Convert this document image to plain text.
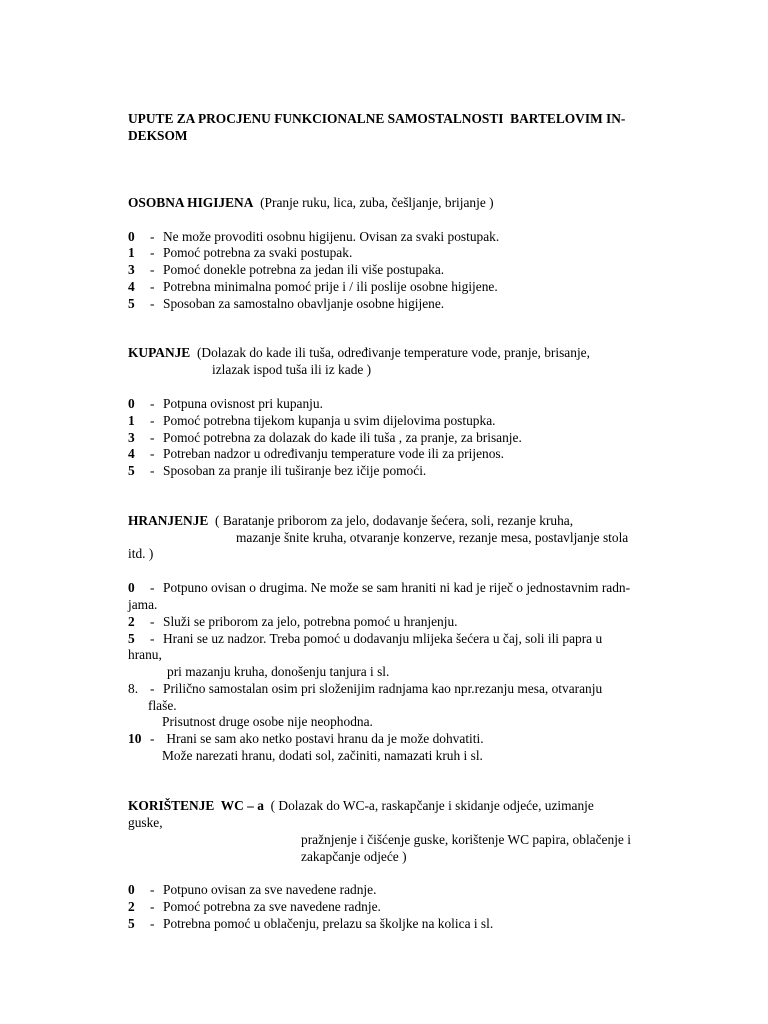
UPUTE ZA PROCJENU FUNKCIONALNE SAMOSTALNOSTI  BARTELOVIM IN-
DEKSOM
OSOBNA HIGIJENA  (Pranje ruku, lica, zuba, češljanje, brijanje )
0 - Ne može provoditi osobnu higijenu. Ovisan za svaki postupak.
1 - Pomoć potrebna za svaki postupak.
3 - Pomoć donekle potrebna za jedan ili više postupaka.
4 - Potrebna minimalna pomoć prije i / ili poslije osobne higijene.
5 - Sposoban za samostalno obavljanje osobne higijene.
KUPANJE  (Dolazak do kade ili tuša, određivanje temperature vode, pranje, brisanje,
izlazak ispod tuša ili iz kade )
0 - Potpuna ovisnost pri kupanju.
1 - Pomoć potrebna tijekom kupanja u svim dijelovima postupka.
3 - Pomoć potrebna za dolazak do kade ili tuša , za pranje, za brisanje.
4 - Potreban nadzor u određivanju temperature vode ili za prijenos.
5 - Sposoban za pranje ili tuširanje bez ičije pomoći.
HRANJENJE  ( Baratanje priborom za jelo, dodavanje šećera, soli, rezanje kruha,
mazanje šnite kruha, otvaranje konzerve, rezanje mesa, postavljanje stola
itd. )
0 - Potpuno ovisan o drugima. Ne može se sam hraniti ni kad je riječ o jednostavnim radn-
jama.
2 - Služi se priborom za jelo, potrebna pomoć u hranjenju.
5 - Hrani se uz nadzor. Treba pomoć u dodavanju mlijeka šećera u čaj, soli ili papra u
hranu,
pri mazanju kruha, donošenju tanjura i sl.
8. - Prilično samostalan osim pri složenijim radnjama kao npr.rezanju mesa, otvaranju
flaše.
Prisutnost druge osobe nije neophodna.
10 - Hrani se sam ako netko postavi hranu da je može dohvatiti.
Može narezati hranu, dodati sol, začiniti, namazati kruh i sl.
KORIŠTENJE  WC – a  ( Dolazak do WC-a, raskapčanje i skidanje odjeće, uzimanje
guske,
pražnjenje i čišćenje guske, korištenje WC papira, oblačenje i
zakapčanje odjeće )
0 - Potpuno ovisan za sve navedene radnje.
2 - Pomoć potrebna za sve navedene radnje.
5 - Potrebna pomoć u oblačenju, prelazu sa školjke na kolica i sl.
